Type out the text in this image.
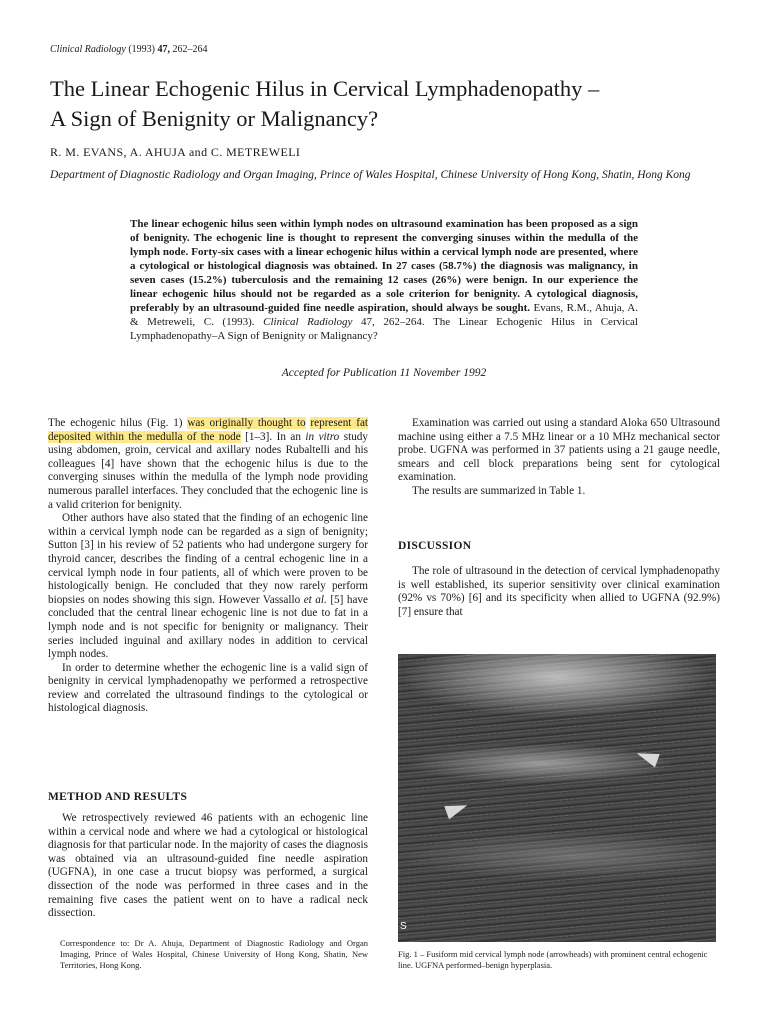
Clinical Radiology (1993) 47, 262–264
The Linear Echogenic Hilus in Cervical Lymphadenopathy –
A Sign of Benignity or Malignancy?
R. M. EVANS, A. AHUJA and C. METREWELI
Department of Diagnostic Radiology and Organ Imaging, Prince of Wales Hospital, Chinese University of Hong Kong, Shatin, Hong Kong
The linear echogenic hilus seen within lymph nodes on ultrasound examination has been proposed as a sign of benignity. The echogenic line is thought to represent the converging sinuses within the medulla of the lymph node. Forty-six cases with a linear echogenic hilus within a cervical lymph node are presented, where a cytological or histological diagnosis was obtained. In 27 cases (58.7%) the diagnosis was malignancy, in seven cases (15.2%) tuberculosis and the remaining 12 cases (26%) were benign. In our experience the linear echogenic hilus should not be regarded as a sole criterion for benignity. A cytological diagnosis, preferably by an ultrasound-guided fine needle aspiration, should always be sought. Evans, R.M., Ahuja, A. & Metreweli, C. (1993). Clinical Radiology 47, 262–264. The Linear Echogenic Hilus in Cervical Lymphadenopathy–A Sign of Benignity or Malignancy?
Accepted for Publication 11 November 1992

The echogenic hilus (Fig. 1) was originally thought to represent fat deposited within the medulla of the node [1–3]. In an in vitro study using abdomen, groin, cervical and axillary nodes Rubaltelli and his colleagues [4] have shown that the echogenic hilus is due to the converging sinuses within the medulla of the lymph node providing numerous parallel interfaces. They concluded that the echogenic line is a valid criterion for benignity.

Other authors have also stated that the finding of an echogenic line within a cervical lymph node can be regarded as a sign of benignity; Sutton [3] in his review of 52 patients who had undergone surgery for thyroid cancer, describes the finding of a central echogenic line in a cervical lymph node in four patients, all of which were proven to be histologically benign. He concluded that they now rarely perform biopsies on nodes showing this sign. However Vassallo et al. [5] have concluded that the central linear echogenic line is not due to fat in a lymph node and is not specific for benignity or malignancy. Their series included inguinal and axillary nodes in addition to cervical lymph nodes.

In order to determine whether the echogenic line is a valid sign of benignity in cervical lymphadenopathy we performed a retrospective review and correlated the ultrasound findings to the cytological or histological diagnosis.

METHOD AND RESULTS

We retrospectively reviewed 46 patients with an echogenic line within a cervical node and where we had a cytological or histological diagnosis for that particular node. In the majority of cases the diagnosis was obtained via an ultrasound-guided fine needle aspiration (UGFNA), in one case a trucut biopsy was performed, a surgical dissection of the node was performed in three cases and in the remaining five cases the patient went on to have a radical neck dissection.

Correspondence to: Dr A. Ahuja, Department of Diagnostic Radiology and Organ Imaging, Prince of Wales Hospital, Chinese University of Hong Kong, Shatin, New Territories, Hong Kong.

Examination was carried out using a standard Aloka 650 Ultrasound machine using either a 7.5 MHz linear or a 10 MHz mechanical sector probe. UGFNA was performed in 37 patients using a 21 gauge needle, smears and cell block preparations being sent for cytological examination.

The results are summarized in Table 1.

DISCUSSION

The role of ultrasound in the detection of cervical lymphadenopathy is well established, its superior sensitivity over clinical examination (92% vs 70%) [6] and its specificity when allied to UGFNA (92.9%) [7] ensure that

S
Fig. 1 – Fusiform mid cervical lymph node (arrowheads) with prominent central echogenic line. UGFNA performed–benign hyperplasia.
